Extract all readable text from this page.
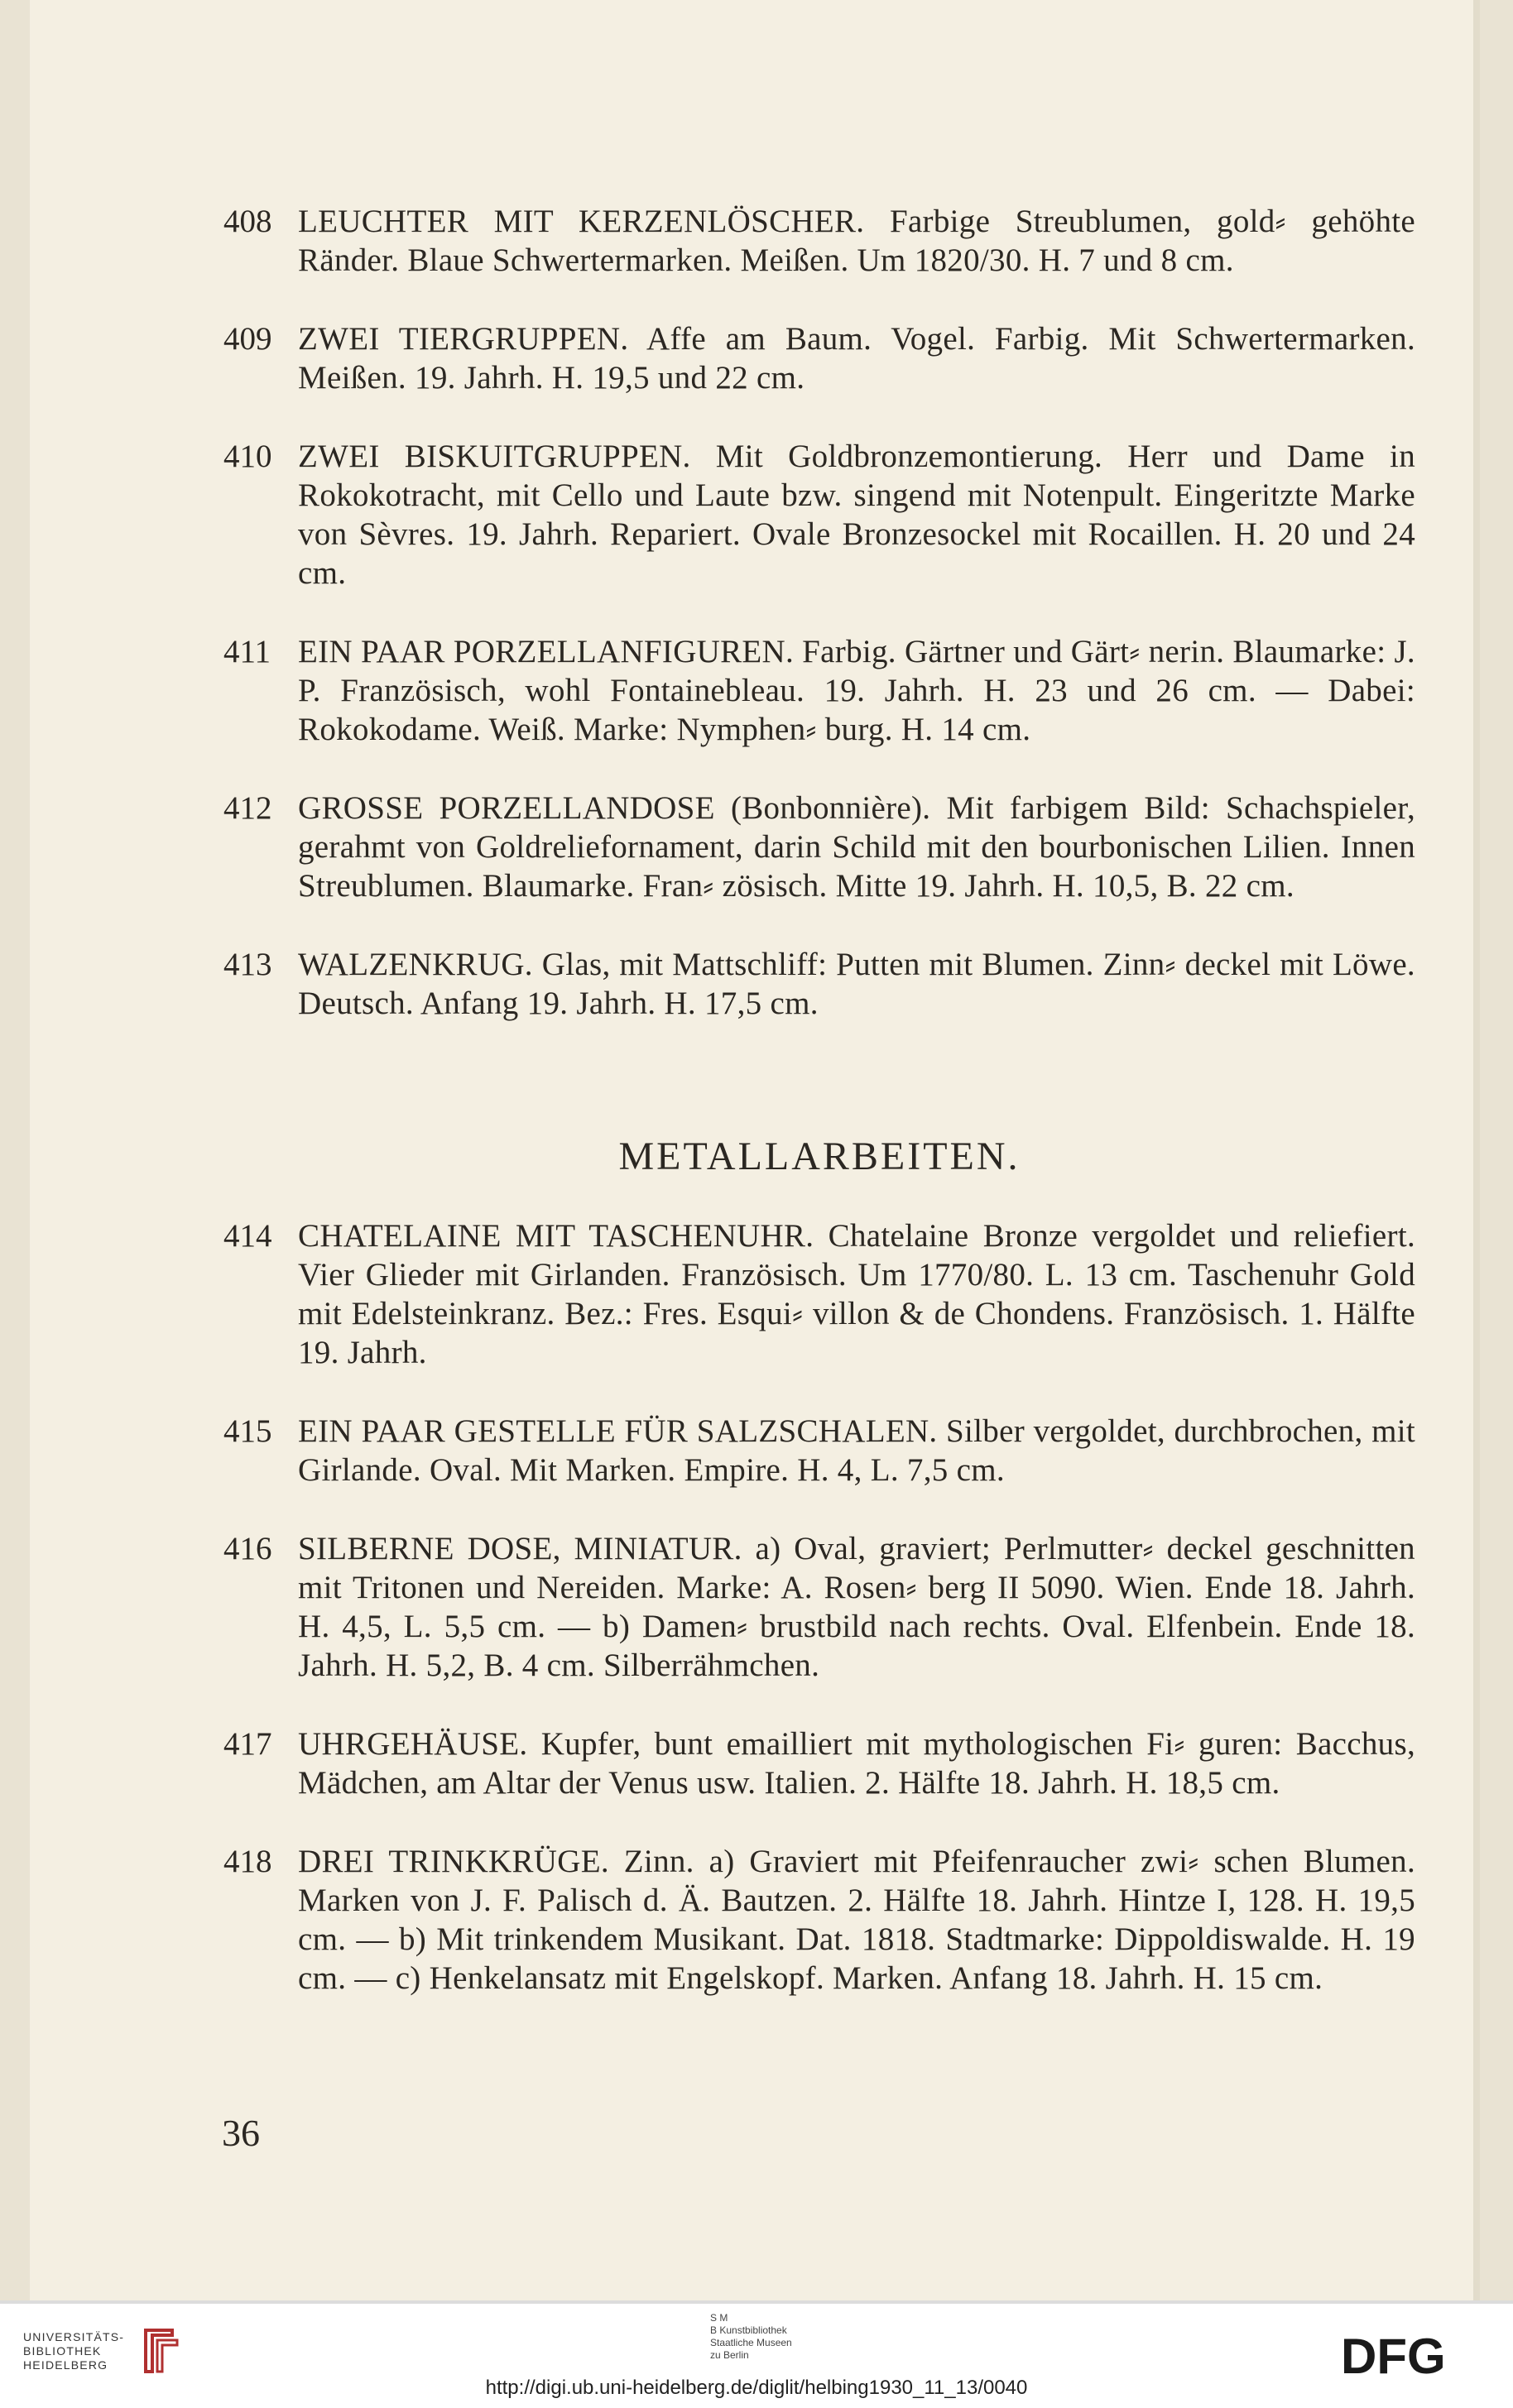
408 LEUCHTER MIT KERZENLÖSCHER. Farbige Streublumen, gold⸗ gehöhte Ränder. Blaue Schwertermarken. Meißen. Um 1820/30. H. 7 und 8 cm.
409 ZWEI TIERGRUPPEN. Affe am Baum. Vogel. Farbig. Mit Schwertermarken. Meißen. 19. Jahrh. H. 19,5 und 22 cm.
410 ZWEI BISKUITGRUPPEN. Mit Goldbronzemontierung. Herr und Dame in Rokokotracht, mit Cello und Laute bzw. singend mit Notenpult. Eingeritzte Marke von Sèvres. 19. Jahrh. Repariert. Ovale Bronzesockel mit Rocaillen. H. 20 und 24 cm.
411 EIN PAAR PORZELLANFIGUREN. Farbig. Gärtner und Gärt⸗ nerin. Blaumarke: J. P. Französisch, wohl Fontainebleau. 19. Jahrh. H. 23 und 26 cm. — Dabei: Rokokodame. Weiß. Marke: Nymphen⸗ burg. H. 14 cm.
412 GROSSE PORZELLANDOSE (Bonbonnière). Mit farbigem Bild: Schachspieler, gerahmt von Goldreliefornament, darin Schild mit den bourbonischen Lilien. Innen Streublumen. Blaumarke. Fran⸗ zösisch. Mitte 19. Jahrh. H. 10,5, B. 22 cm.
413 WALZENKRUG. Glas, mit Mattschliff: Putten mit Blumen. Zinn⸗ deckel mit Löwe. Deutsch. Anfang 19. Jahrh. H. 17,5 cm.
METALLARBEITEN.
414 CHATELAINE MIT TASCHENUHR. Chatelaine Bronze vergoldet und reliefiert. Vier Glieder mit Girlanden. Französisch. Um 1770/80. L. 13 cm. Taschenuhr Gold mit Edelsteinkranz. Bez.: Fres. Esqui⸗ villon & de Chondens. Französisch. 1. Hälfte 19. Jahrh.
415 EIN PAAR GESTELLE FÜR SALZSCHALEN. Silber vergoldet, durchbrochen, mit Girlande. Oval. Mit Marken. Empire. H. 4, L. 7,5 cm.
416 SILBERNE DOSE, MINIATUR. a) Oval, graviert; Perlmutter⸗ deckel geschnitten mit Tritonen und Nereiden. Marke: A. Rosen⸗ berg II 5090. Wien. Ende 18. Jahrh. H. 4,5, L. 5,5 cm. — b) Damen⸗ brustbild nach rechts. Oval. Elfenbein. Ende 18. Jahrh. H. 5,2, B. 4 cm. Silberrähmchen.
417 UHRGEHÄUSE. Kupfer, bunt emailliert mit mythologischen Fi⸗ guren: Bacchus, Mädchen, am Altar der Venus usw. Italien. 2. Hälfte 18. Jahrh. H. 18,5 cm.
418 DREI TRINKKRÜGE. Zinn. a) Graviert mit Pfeifenraucher zwi⸗ schen Blumen. Marken von J. F. Palisch d. Ä. Bautzen. 2. Hälfte 18. Jahrh. Hintze I, 128. H. 19,5 cm. — b) Mit trinkendem Musikant. Dat. 1818. Stadtmarke: Dippoldiswalde. H. 19 cm. — c) Henkelansatz mit Engelskopf. Marken. Anfang 18. Jahrh. H. 15 cm.
36
UNIVERSITÄTS-
BIBLIOTHEK
HEIDELBERG
S M
B Kunstbibliothek
Staatliche Museen
zu Berlin	DFG
http://digi.ub.uni-heidelberg.de/diglit/helbing1930_11_13/0040
